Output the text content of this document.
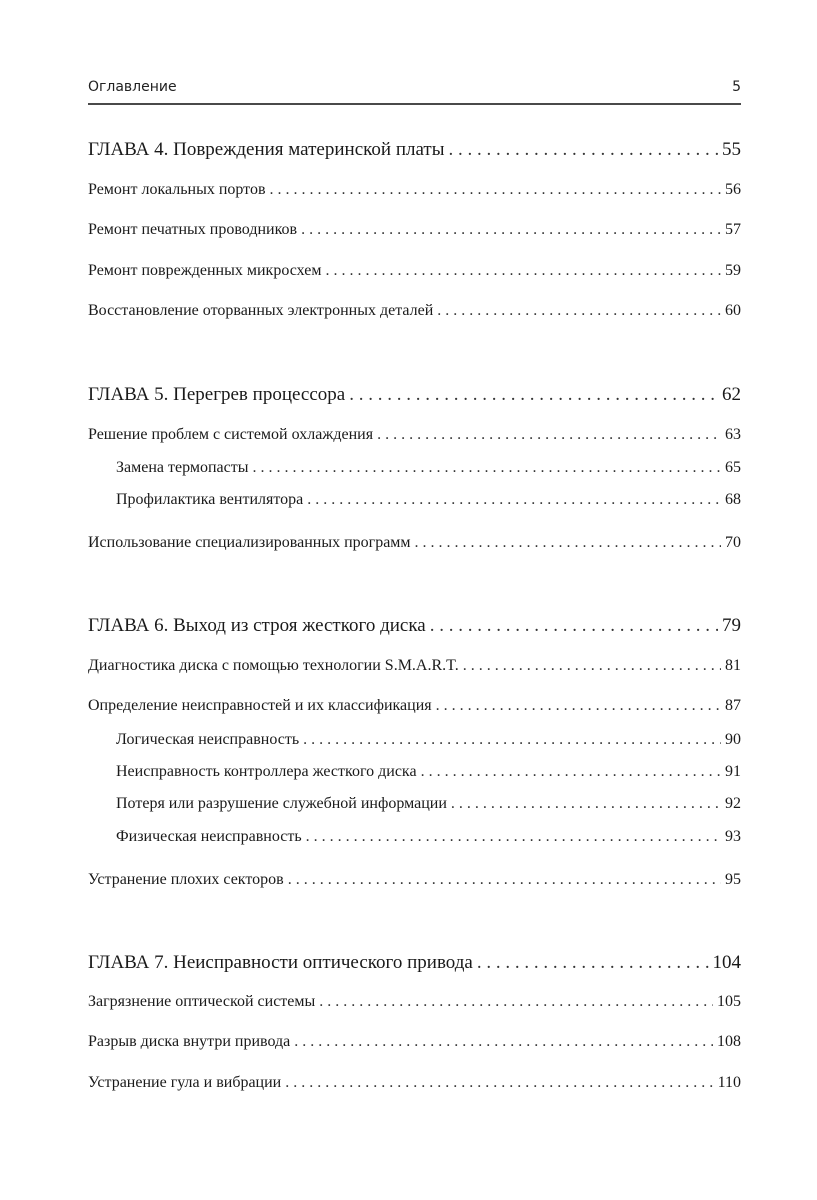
Оглавление	5
ГЛАВА 4. Повреждения материнской платы . . .	55
Ремонт локальных портов . . .	56
Ремонт печатных проводников . . .	57
Ремонт поврежденных микросхем . . .	59
Восстановление оторванных электронных деталей . . .	60
ГЛАВА 5. Перегрев процессора . . .	62
Решение проблем с системой охлаждения . . .	63
Замена термопасты . . .	65
Профилактика вентилятора . . .	68
Использование специализированных программ . . .	70
ГЛАВА 6. Выход из строя жесткого диска . . .	79
Диагностика диска с помощью технологии S.M.A.R.T. . . .	81
Определение неисправностей и их классификация . . .	87
Логическая неисправность . . .	90
Неисправность контроллера жесткого диска . . .	91
Потеря или разрушение служебной информации . . .	92
Физическая неисправность . . .	93
Устранение плохих секторов . . .	95
ГЛАВА 7. Неисправности оптического привода . . .	104
Загрязнение оптической системы . . .	105
Разрыв диска внутри привода . . .	108
Устранение гула и вибрации . . .	110
